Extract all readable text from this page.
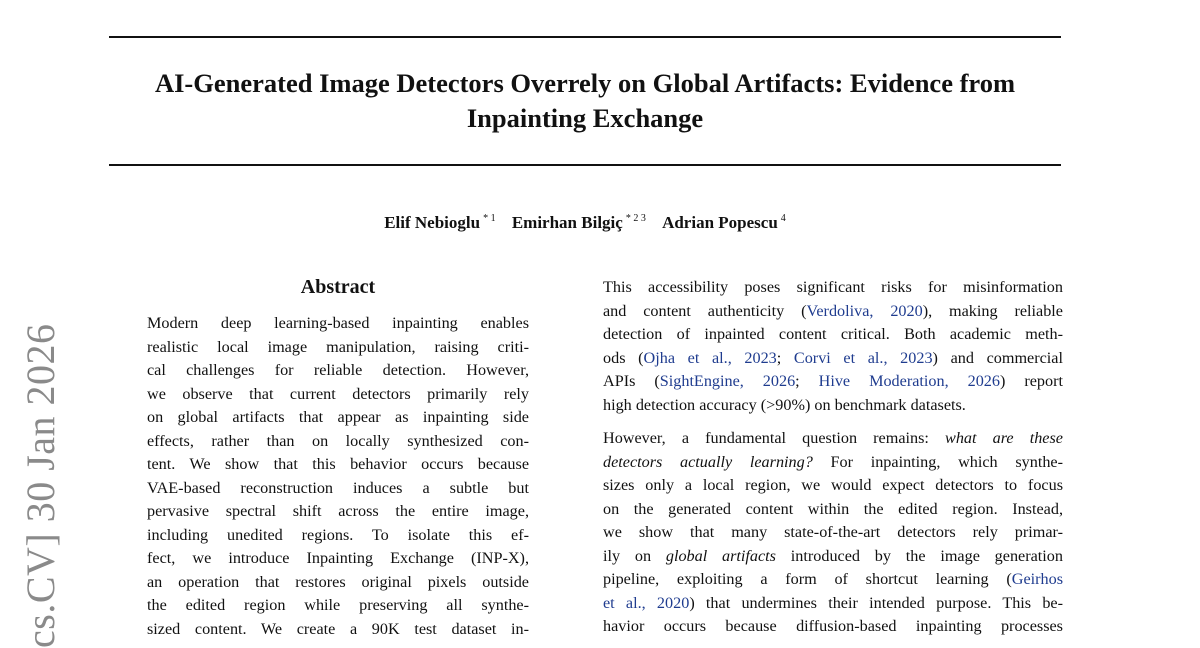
AI-Generated Image Detectors Overrely on Global Artifacts: Evidence from
Inpainting Exchange
Elif Nebioglu $^{* 1}$ Emirhan Bilgiç $^{* 2 3}$ Adrian Popescu $^4$
cs.CV] 30 Jan 2026
Abstract
Modern deep learning-based inpainting enables
realistic local image manipulation, raising criti-
cal challenges for reliable detection. However,
we observe that current detectors primarily rely
on global artifacts that appear as inpainting side
effects, rather than on locally synthesized con-
tent. We show that this behavior occurs because
VAE-based reconstruction induces a subtle but
pervasive spectral shift across the entire image,
including unedited regions. To isolate this ef-
fect, we introduce Inpainting Exchange (INP-X),
an operation that restores original pixels outside
the edited region while preserving all synthe-
sized content. We create a 90K test dataset in-
This accessibility poses significant risks for misinformation
and content authenticity (Verdoliva, 2020), making reliable
detection of inpainted content critical. Both academic meth-
ods (Ojha et al., 2023; Corvi et al., 2023) and commercial
APIs (SightEngine, 2026; Hive Moderation, 2026) report
high detection accuracy (>90%) on benchmark datasets.
However, a fundamental question remains: what are these
detectors actually learning? For inpainting, which synthe-
sizes only a local region, we would expect detectors to focus
on the generated content within the edited region. Instead,
we show that many state-of-the-art detectors rely primar-
ily on global artifacts introduced by the image generation
pipeline, exploiting a form of shortcut learning (Geirhos
et al., 2020) that undermines their intended purpose. This be-
havior occurs because diffusion-based inpainting processes
